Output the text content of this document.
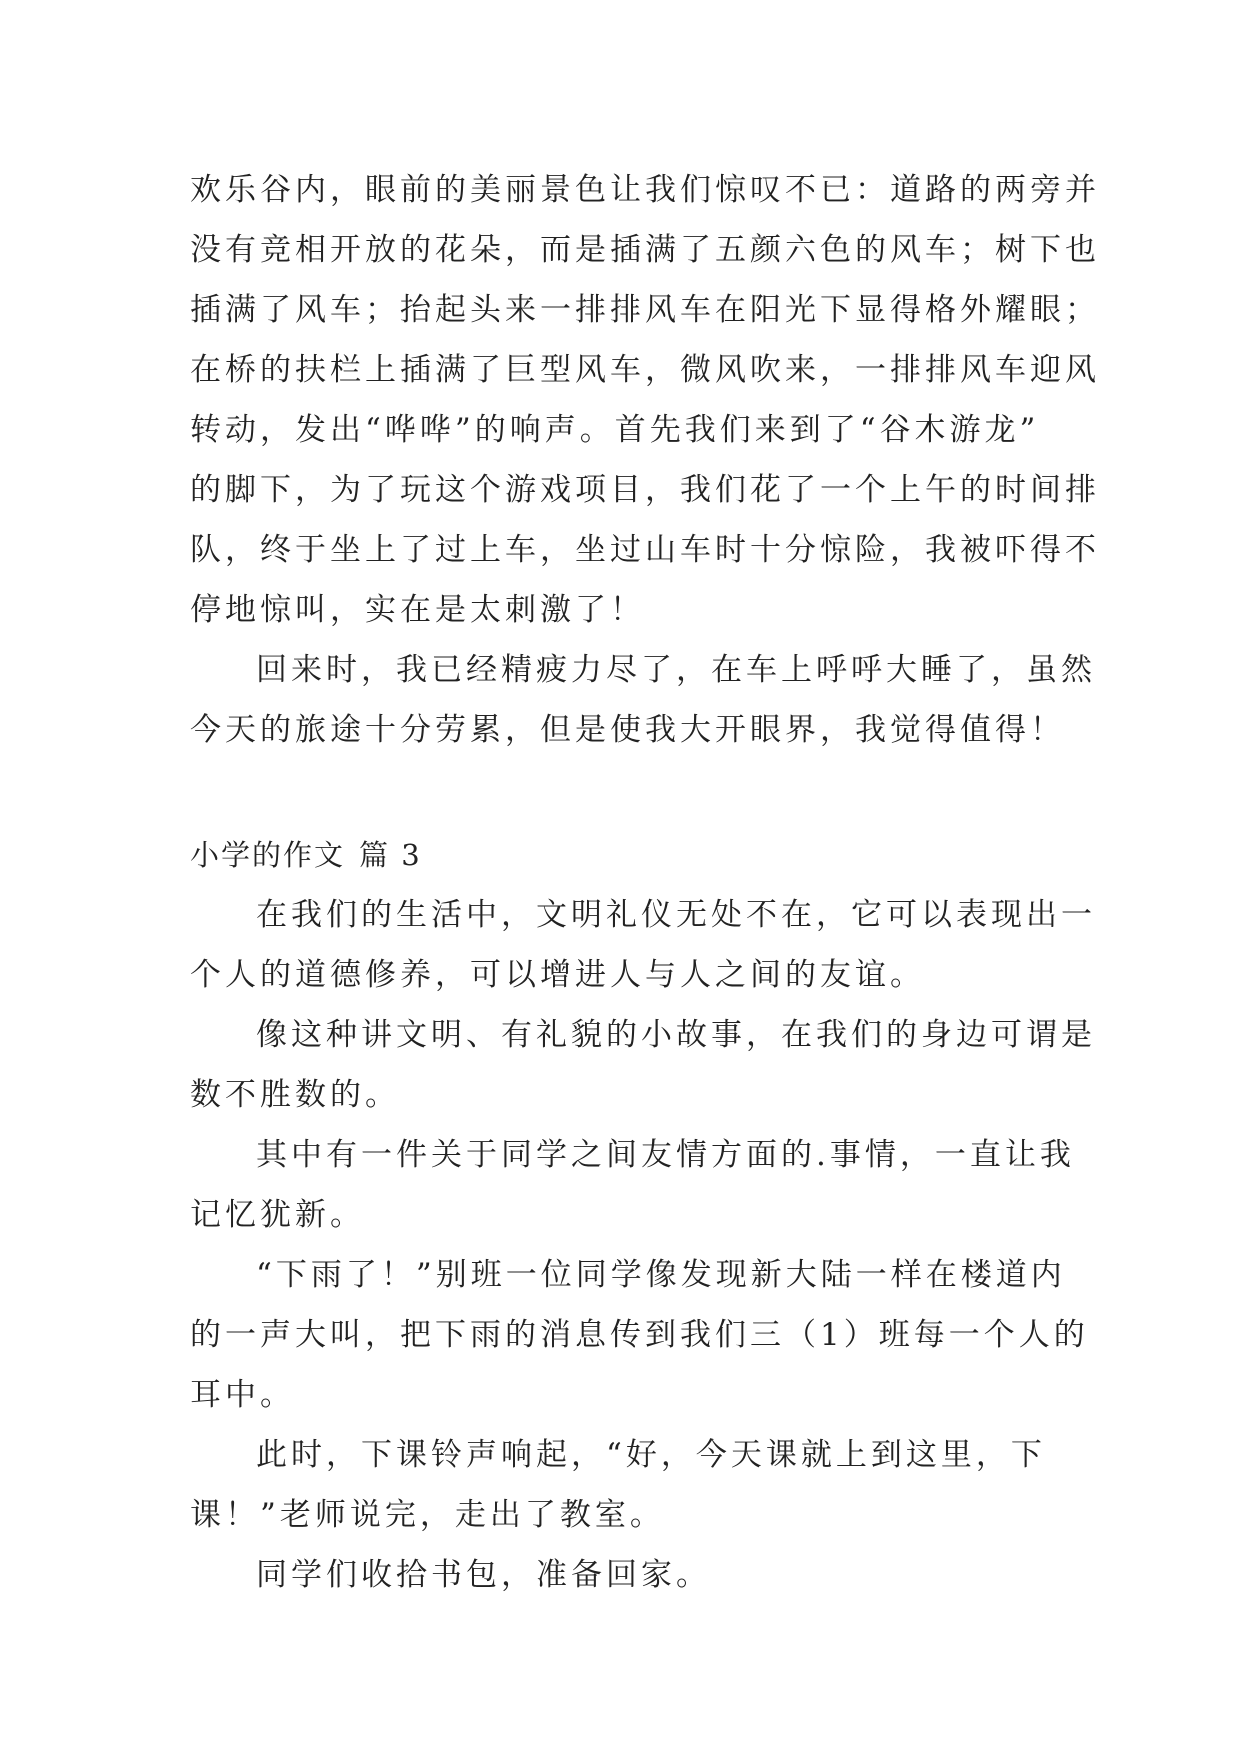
欢乐谷内，眼前的美丽景色让我们惊叹不已：道路的两旁并
没有竞相开放的花朵，而是插满了五颜六色的风车；树下也
插满了风车；抬起头来一排排风车在阳光下显得格外耀眼；
在桥的扶栏上插满了巨型风车，微风吹来，一排排风车迎风
转动，发出“哗哗”的响声。首先我们来到了“谷木游龙”
的脚下，为了玩这个游戏项目，我们花了一个上午的时间排
队，终于坐上了过上车，坐过山车时十分惊险，我被吓得不
停地惊叫，实在是太刺激了！
回来时，我已经精疲力尽了，在车上呼呼大睡了，虽然
今天的旅途十分劳累，但是使我大开眼界，我觉得值得！
小学的作文 篇 3
在我们的生活中，文明礼仪无处不在，它可以表现出一
个人的道德修养，可以增进人与人之间的友谊。
像这种讲文明、有礼貌的小故事，在我们的身边可谓是
数不胜数的。
其中有一件关于同学之间友情方面的.事情，一直让我
记忆犹新。
“下雨了！”别班一位同学像发现新大陆一样在楼道内
的一声大叫，把下雨的消息传到我们三（1）班每一个人的
耳中。
此时，下课铃声响起，“好，今天课就上到这里，下
课！”老师说完，走出了教室。
同学们收拾书包，准备回家。
